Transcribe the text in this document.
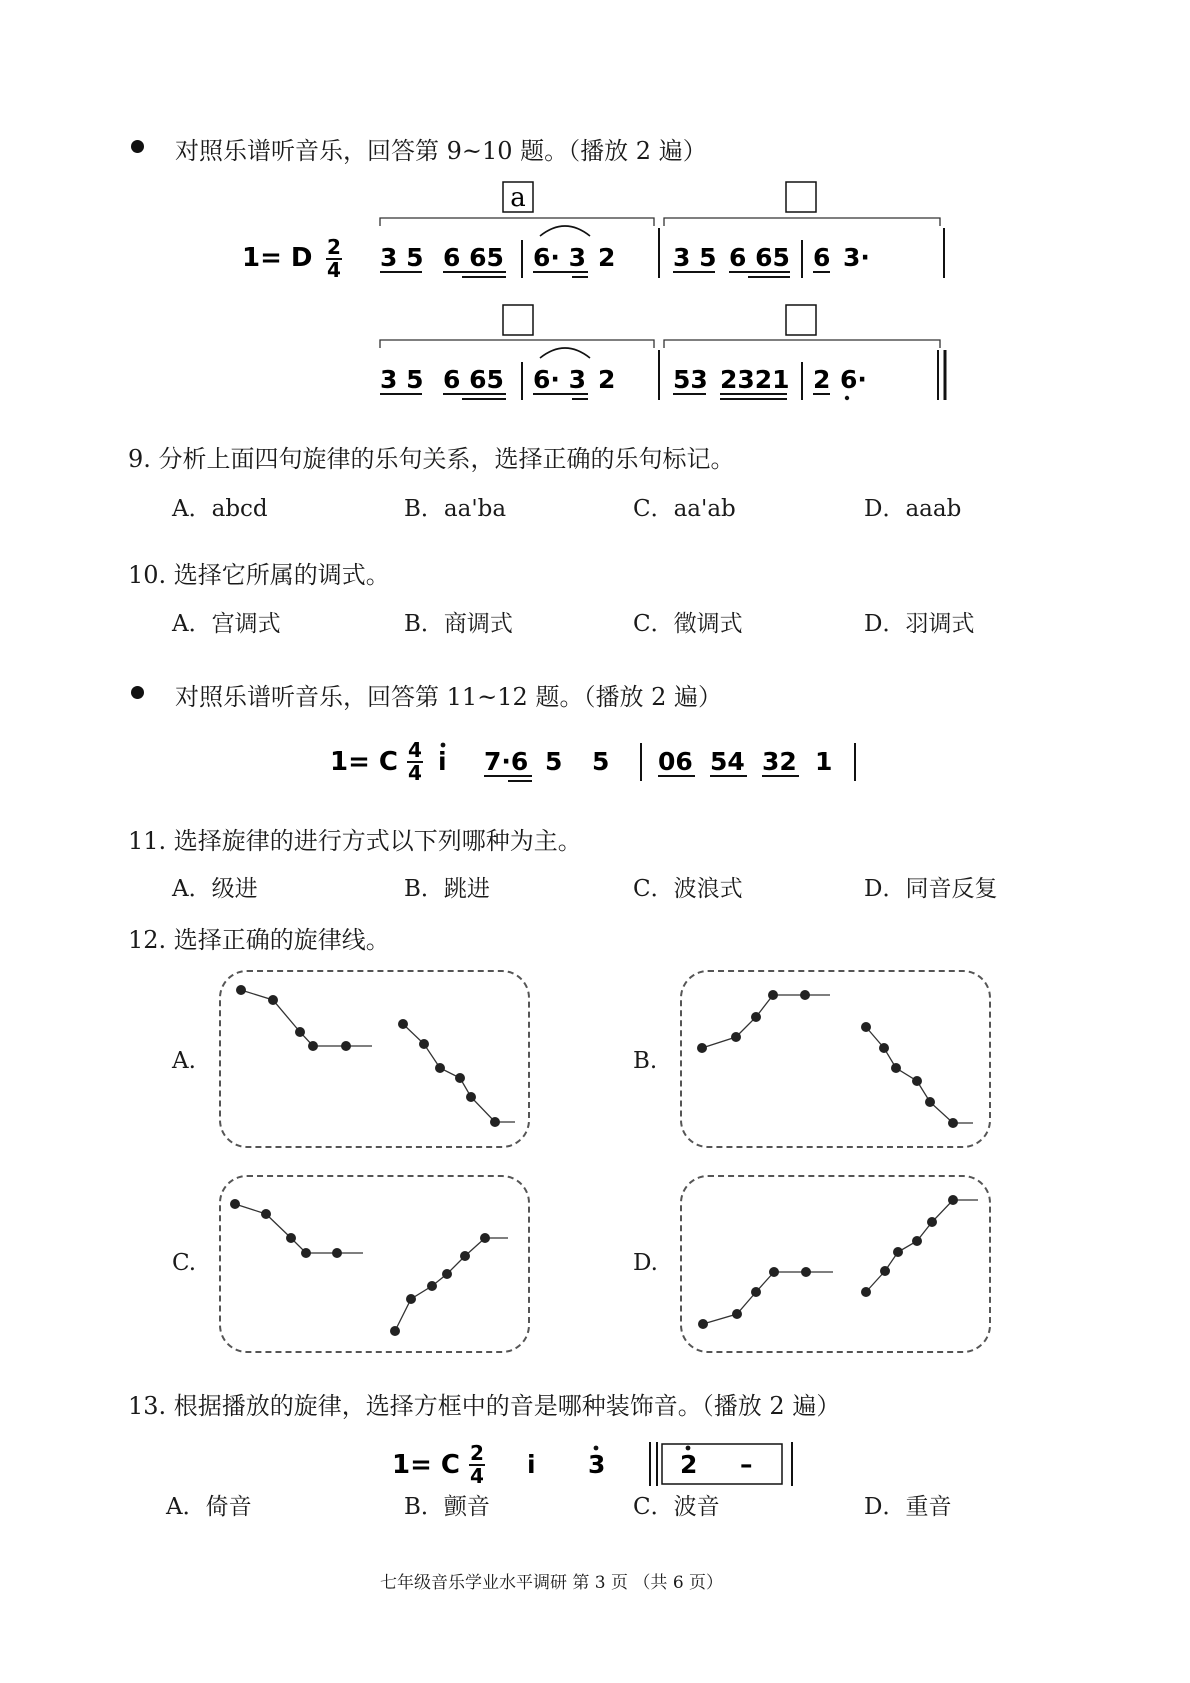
对照乐谱听音乐，回答第 9~10 题。（播放 2 遍）
a
1= D 2
4 3 5 6 65 6· 3 2 3 5 6 65 6 3·
3 5 6 65 6· 3 2 53 2321 2 6·
9. 分析上面四句旋律的乐句关系，选择正确的乐句标记。
A．abcd	B．aa'ba	C．aa'ab	D．aaab
10. 选择它所属的调式。
A．宫调式	B．商调式	C．徵调式	D．羽调式
对照乐谱听音乐，回答第 11~12 题。（播放 2 遍）
1= C 4
4 i 7·6 5 5 06 54 32 1
11. 选择旋律的进行方式以下列哪种为主。
A．级进	B．跳进	C．波浪式	D．同音反复
12. 选择正确的旋律线。
A.	B.
C.	D.
13. 根据播放的旋律，选择方框中的音是哪种装饰音。（播放 2 遍）
1= C 2
4 i 3	2 –
A．倚音	B．颤音	C．波音	D．重音
七年级音乐学业水平调研 第 3 页 （共 6 页）
